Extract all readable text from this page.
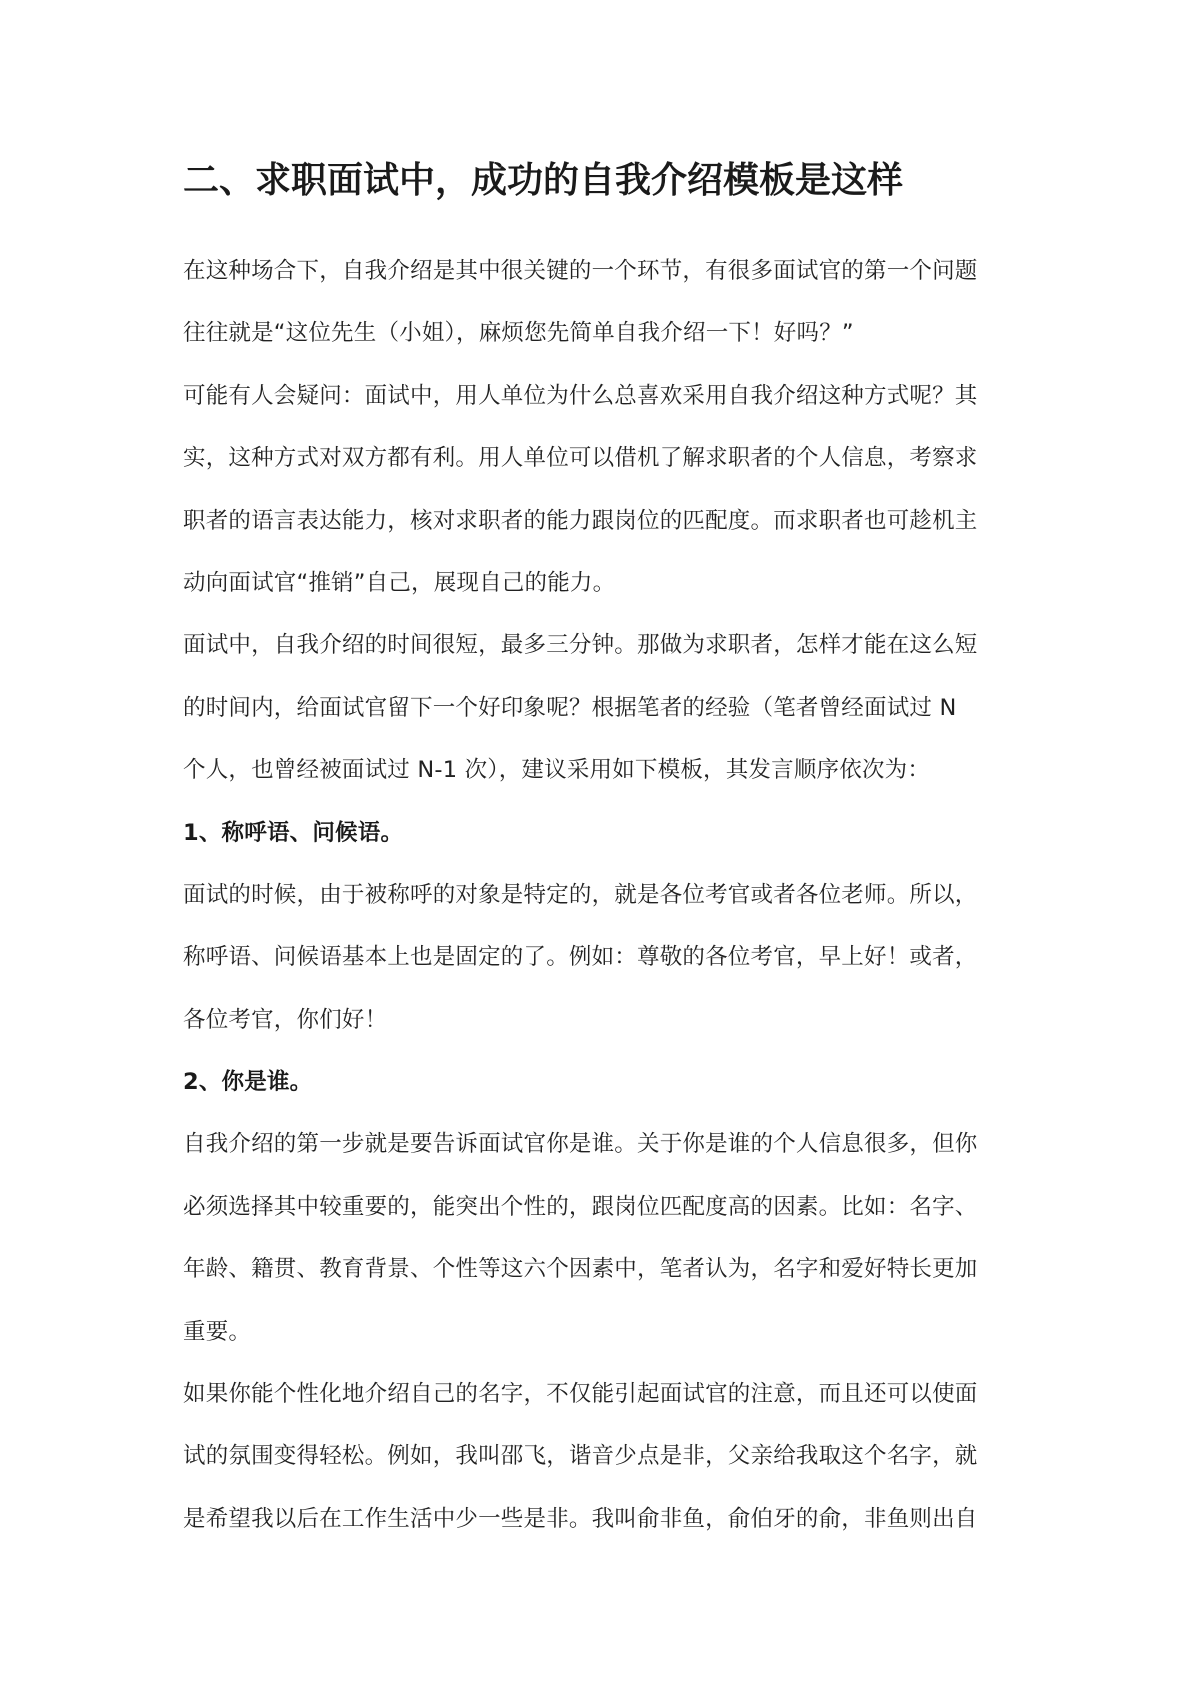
二、求职面试中，成功的自我介绍模板是这样
在这种场合下，自我介绍是其中很关键的一个环节，有很多面试官的第一个问题
往往就是“这位先生（小姐），麻烦您先简单自我介绍一下！好吗？”
可能有人会疑问：面试中，用人单位为什么总喜欢采用自我介绍这种方式呢？其
实，这种方式对双方都有利。用人单位可以借机了解求职者的个人信息，考察求
职者的语言表达能力，核对求职者的能力跟岗位的匹配度。而求职者也可趁机主
动向面试官“推销”自己，展现自己的能力。
面试中，自我介绍的时间很短，最多三分钟。那做为求职者，怎样才能在这么短
的时间内，给面试官留下一个好印象呢？根据笔者的经验（笔者曾经面试过 N
个人，也曾经被面试过 N-1 次），建议采用如下模板，其发言顺序依次为：
1、称呼语、问候语。
面试的时候，由于被称呼的对象是特定的，就是各位考官或者各位老师。所以，
称呼语、问候语基本上也是固定的了。例如：尊敬的各位考官，早上好！或者，
各位考官，你们好！
2、你是谁。
自我介绍的第一步就是要告诉面试官你是谁。关于你是谁的个人信息很多，但你
必须选择其中较重要的，能突出个性的，跟岗位匹配度高的因素。比如：名字、
年龄、籍贯、教育背景、个性等这六个因素中，笔者认为，名字和爱好特长更加
重要。
如果你能个性化地介绍自己的名字，不仅能引起面试官的注意，而且还可以使面
试的氛围变得轻松。例如，我叫邵飞，谐音少点是非，父亲给我取这个名字，就
是希望我以后在工作生活中少一些是非。我叫俞非鱼，俞伯牙的俞，非鱼则出自
